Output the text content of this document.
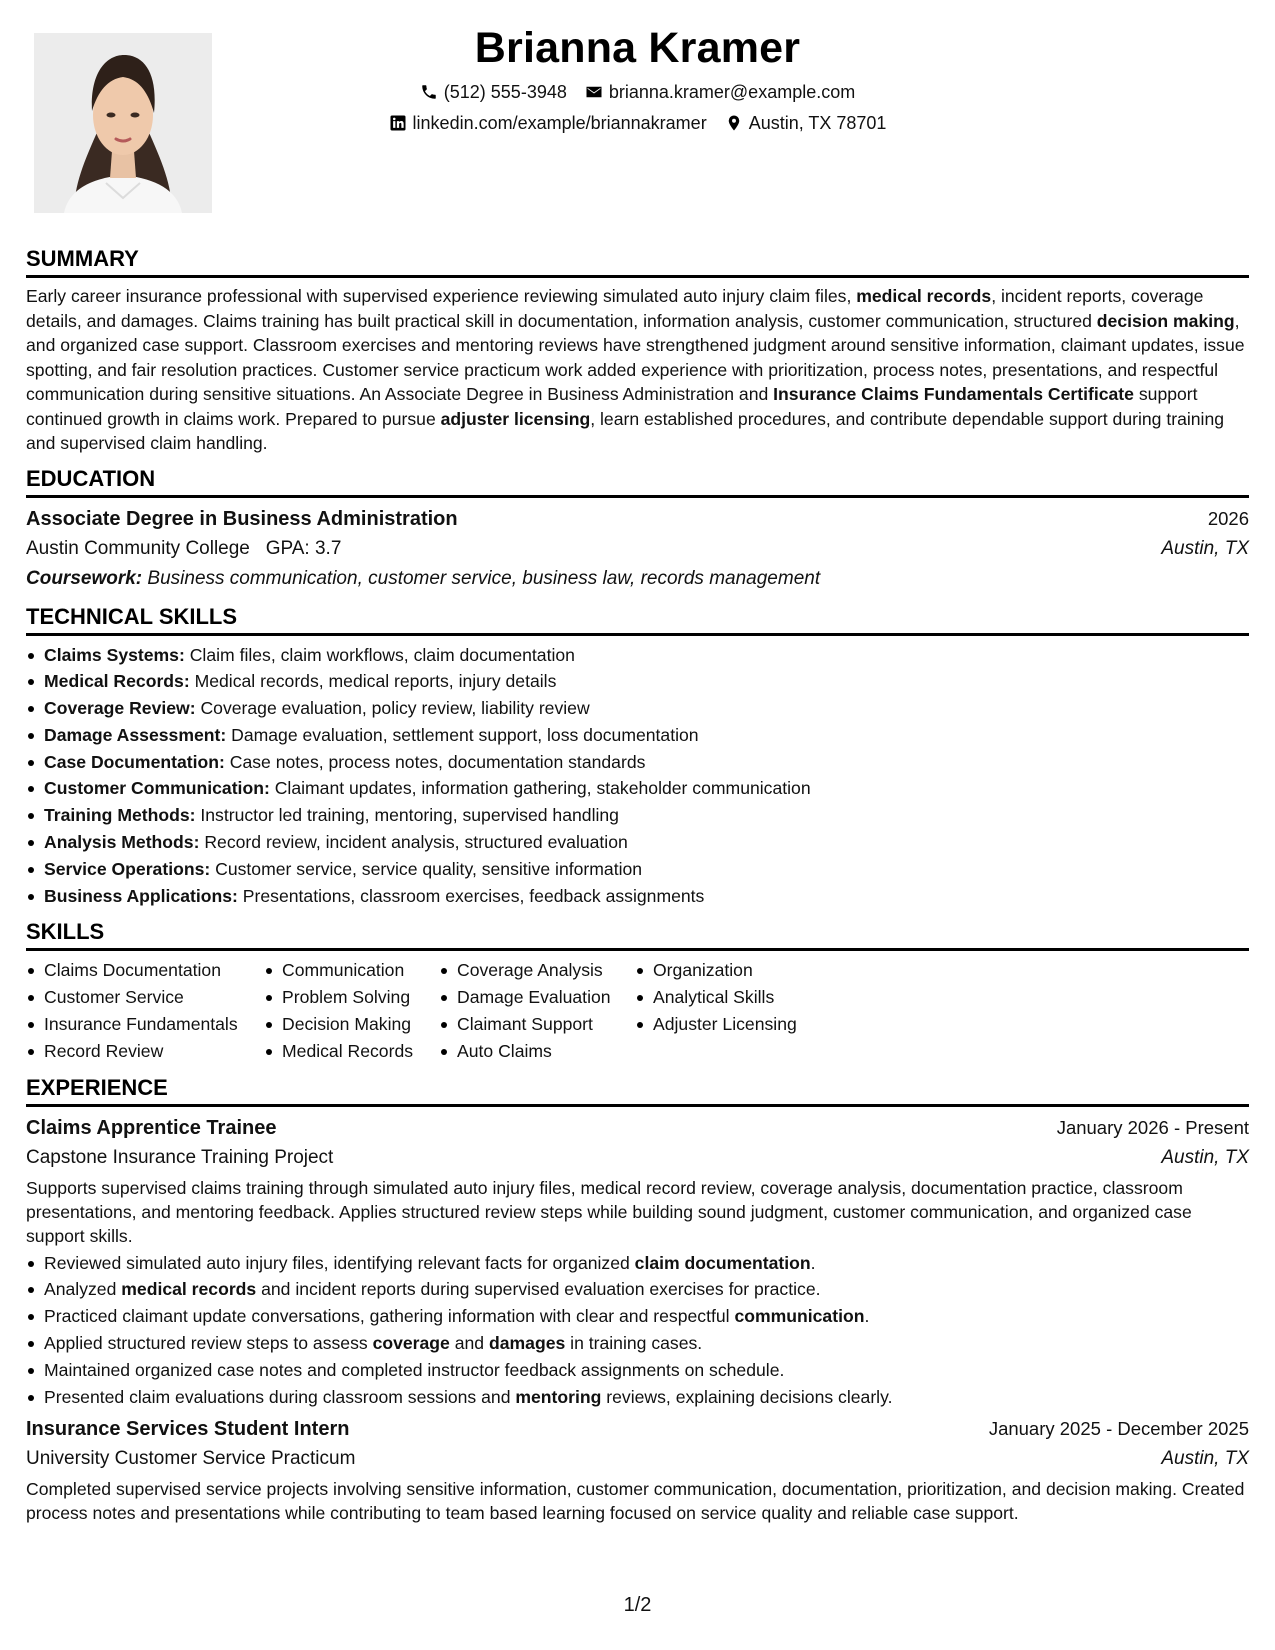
Brianna Kramer
(512) 555-3948 brianna.kramer@example.com
linkedin.com/example/briannakramer Austin, TX 78701
SUMMARY
Early career insurance professional with supervised experience reviewing simulated auto injury claim files, medical records, incident reports, coverage details, and damages. Claims training has built practical skill in documentation, information analysis, customer communication, structured decision making, and organized case support. Classroom exercises and mentoring reviews have strengthened judgment around sensitive information, claimant updates, issue spotting, and fair resolution practices. Customer service practicum work added experience with prioritization, process notes, presentations, and respectful communication during sensitive situations. An Associate Degree in Business Administration and Insurance Claims Fundamentals Certificate support continued growth in claims work. Prepared to pursue adjuster licensing, learn established procedures, and contribute dependable support during training and supervised claim handling.
EDUCATION
Associate Degree in Business Administration	2026
Austin Community College   GPA: 3.7	Austin, TX
Coursework: Business communication, customer service, business law, records management
TECHNICAL SKILLS
Claims Systems: Claim files, claim workflows, claim documentation
Medical Records: Medical records, medical reports, injury details
Coverage Review: Coverage evaluation, policy review, liability review
Damage Assessment: Damage evaluation, settlement support, loss documentation
Case Documentation: Case notes, process notes, documentation standards
Customer Communication: Claimant updates, information gathering, stakeholder communication
Training Methods: Instructor led training, mentoring, supervised handling
Analysis Methods: Record review, incident analysis, structured evaluation
Service Operations: Customer service, service quality, sensitive information
Business Applications: Presentations, classroom exercises, feedback assignments
SKILLS
Claims Documentation
Customer Service
Insurance Fundamentals
Record Review
Communication
Problem Solving
Decision Making
Medical Records
Coverage Analysis
Damage Evaluation
Claimant Support
Auto Claims
Organization
Analytical Skills
Adjuster Licensing
EXPERIENCE
Claims Apprentice Trainee	January 2026 - Present
Capstone Insurance Training Project	Austin, TX
Supports supervised claims training through simulated auto injury files, medical record review, coverage analysis, documentation practice, classroom presentations, and mentoring feedback. Applies structured review steps while building sound judgment, customer communication, and organized case support skills.
Reviewed simulated auto injury files, identifying relevant facts for organized claim documentation.
Analyzed medical records and incident reports during supervised evaluation exercises for practice.
Practiced claimant update conversations, gathering information with clear and respectful communication.
Applied structured review steps to assess coverage and damages in training cases.
Maintained organized case notes and completed instructor feedback assignments on schedule.
Presented claim evaluations during classroom sessions and mentoring reviews, explaining decisions clearly.
Insurance Services Student Intern	January 2025 - December 2025
University Customer Service Practicum	Austin, TX
Completed supervised service projects involving sensitive information, customer communication, documentation, prioritization, and decision making. Created process notes and presentations while contributing to team based learning focused on service quality and reliable case support.
1/2
